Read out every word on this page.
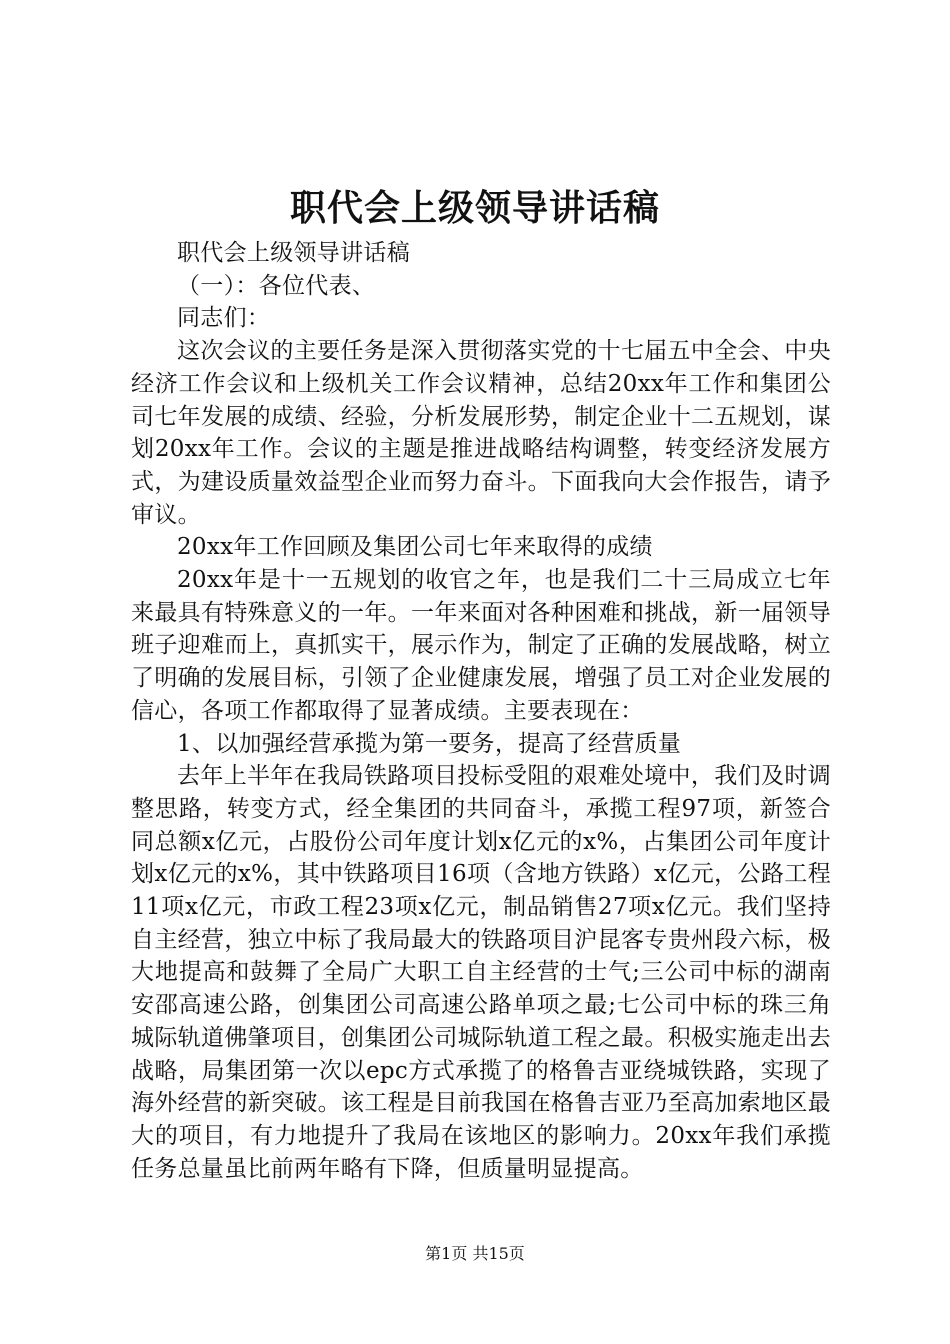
职代会上级领导讲话稿

职代会上级领导讲话稿

（一）：各位代表、

同志们：

这次会议的主要任务是深入贯彻落实党的十七届五中全会、中央经济工作会议和上级机关工作会议精神，总结20xx年工作和集团公司七年发展的成绩、经验，分析发展形势，制定企业十二五规划，谋划20xx年工作。会议的主题是推进战略结构调整，转变经济发展方式，为建设质量效益型企业而努力奋斗。下面我向大会作报告，请予审议。

20xx年工作回顾及集团公司七年来取得的成绩

20xx年是十一五规划的收官之年，也是我们二十三局成立七年来最具有特殊意义的一年。一年来面对各种困难和挑战，新一届领导班子迎难而上，真抓实干，展示作为，制定了正确的发展战略，树立了明确的发展目标，引领了企业健康发展，增强了员工对企业发展的信心，各项工作都取得了显著成绩。主要表现在：

1、以加强经营承揽为第一要务，提高了经营质量

去年上半年在我局铁路项目投标受阻的艰难处境中，我们及时调整思路，转变方式，经全集团的共同奋斗，承揽工程97项，新签合同总额x亿元，占股份公司年度计划x亿元的x%，占集团公司年度计划x亿元的x%，其中铁路项目16项（含地方铁路）x亿元，公路工程11项x亿元，市政工程23项x亿元，制品销售27项x亿元。我们坚持自主经营，独立中标了我局最大的铁路项目沪昆客专贵州段六标，极大地提高和鼓舞了全局广大职工自主经营的士气;三公司中标的湖南安邵高速公路，创集团公司高速公路单项之最;七公司中标的珠三角城际轨道佛肇项目，创集团公司城际轨道工程之最。积极实施走出去战略，局集团第一次以epc方式承揽了的格鲁吉亚绕城铁路，实现了海外经营的新突破。该工程是目前我国在格鲁吉亚乃至高加索地区最大的项目，有力地提升了我局在该地区的影响力。20xx年我们承揽任务总量虽比前两年略有下降，但质量明显提高。

第1页 共15页
